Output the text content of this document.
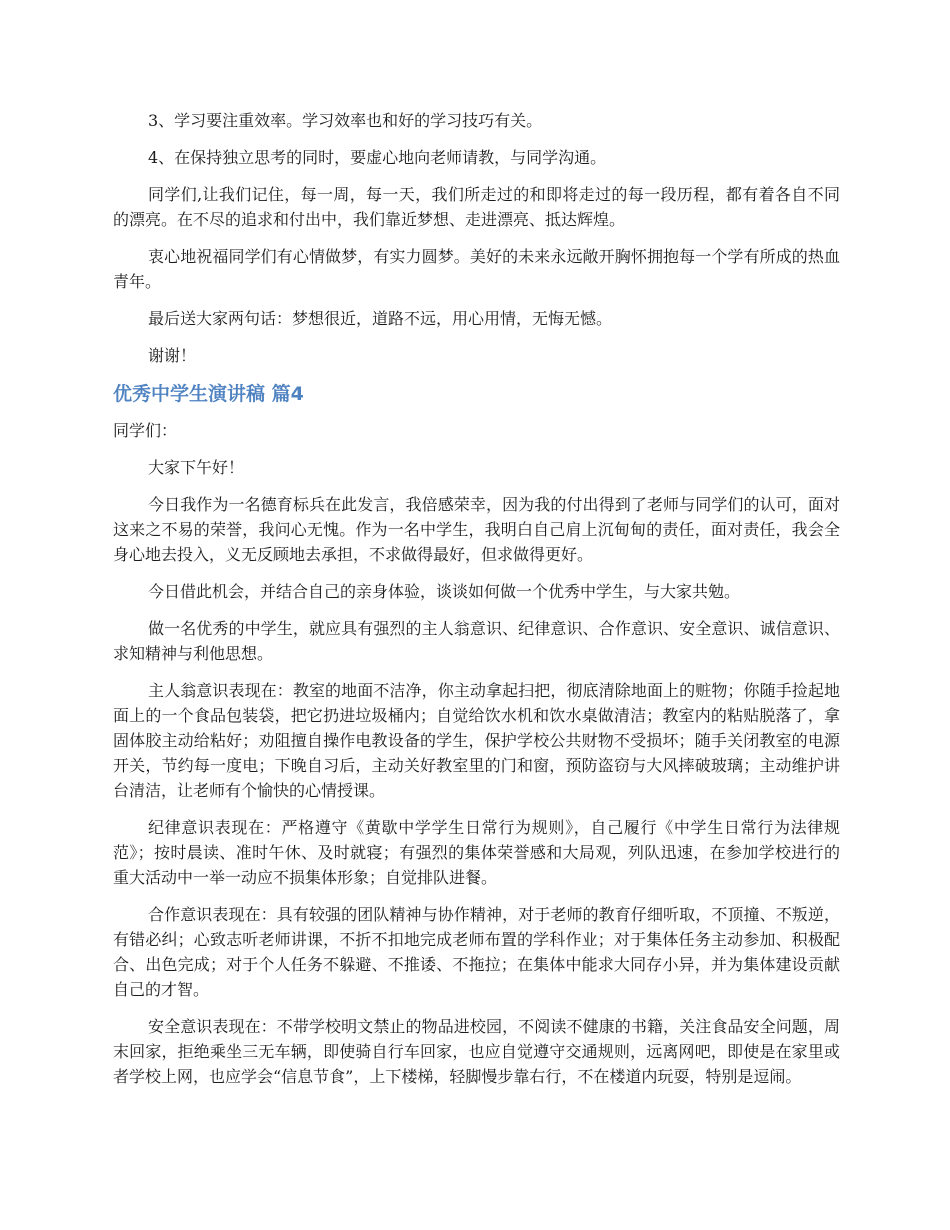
3、学习要注重效率。学习效率也和好的学习技巧有关。

4、在保持独立思考的同时，要虚心地向老师请教，与同学沟通。

同学们,让我们记住，每一周，每一天，我们所走过的和即将走过的每一段历程，都有着各自不同的漂亮。在不尽的追求和付出中，我们靠近梦想、走进漂亮、抵达辉煌。

衷心地祝福同学们有心情做梦，有实力圆梦。美好的未来永远敞开胸怀拥抱每一个学有所成的热血青年。

最后送大家两句话：梦想很近，道路不远，用心用情，无悔无憾。

谢谢！

优秀中学生演讲稿 篇4

同学们：

大家下午好！

今日我作为一名德育标兵在此发言，我倍感荣幸，因为我的付出得到了老师与同学们的认可，面对这来之不易的荣誉，我问心无愧。作为一名中学生，我明白自己肩上沉甸甸的责任，面对责任，我会全身心地去投入，义无反顾地去承担，不求做得最好，但求做得更好。

今日借此机会，并结合自己的亲身体验，谈谈如何做一个优秀中学生，与大家共勉。

做一名优秀的中学生，就应具有强烈的主人翁意识、纪律意识、合作意识、安全意识、诚信意识、求知精神与利他思想。

主人翁意识表现在：教室的地面不洁净，你主动拿起扫把，彻底清除地面上的赃物；你随手捡起地面上的一个食品包装袋，把它扔进垃圾桶内；自觉给饮水机和饮水桌做清洁；教室内的粘贴脱落了，拿固体胶主动给粘好；劝阻擅自操作电教设备的学生，保护学校公共财物不受损坏；随手关闭教室的电源开关，节约每一度电；下晚自习后，主动关好教室里的门和窗，预防盗窃与大风摔破玻璃；主动维护讲台清洁，让老师有个愉快的心情授课。

纪律意识表现在：严格遵守《黄歇中学学生日常行为规则》，自己履行《中学生日常行为法律规范》；按时晨读、准时午休、及时就寝；有强烈的集体荣誉感和大局观，列队迅速，在参加学校进行的重大活动中一举一动应不损集体形象；自觉排队进餐。

合作意识表现在：具有较强的团队精神与协作精神，对于老师的教育仔细听取，不顶撞、不叛逆，有错必纠；心致志听老师讲课，不折不扣地完成老师布置的学科作业；对于集体任务主动参加、积极配合、出色完成；对于个人任务不躲避、不推诿、不拖拉；在集体中能求大同存小异，并为集体建设贡献自己的才智。

安全意识表现在：不带学校明文禁止的物品进校园，不阅读不健康的书籍，关注食品安全问题，周末回家，拒绝乘坐三无车辆，即使骑自行车回家，也应自觉遵守交通规则，远离网吧，即使是在家里或者学校上网，也应学会“信息节食”，上下楼梯，轻脚慢步靠右行，不在楼道内玩耍，特别是逗闹。
